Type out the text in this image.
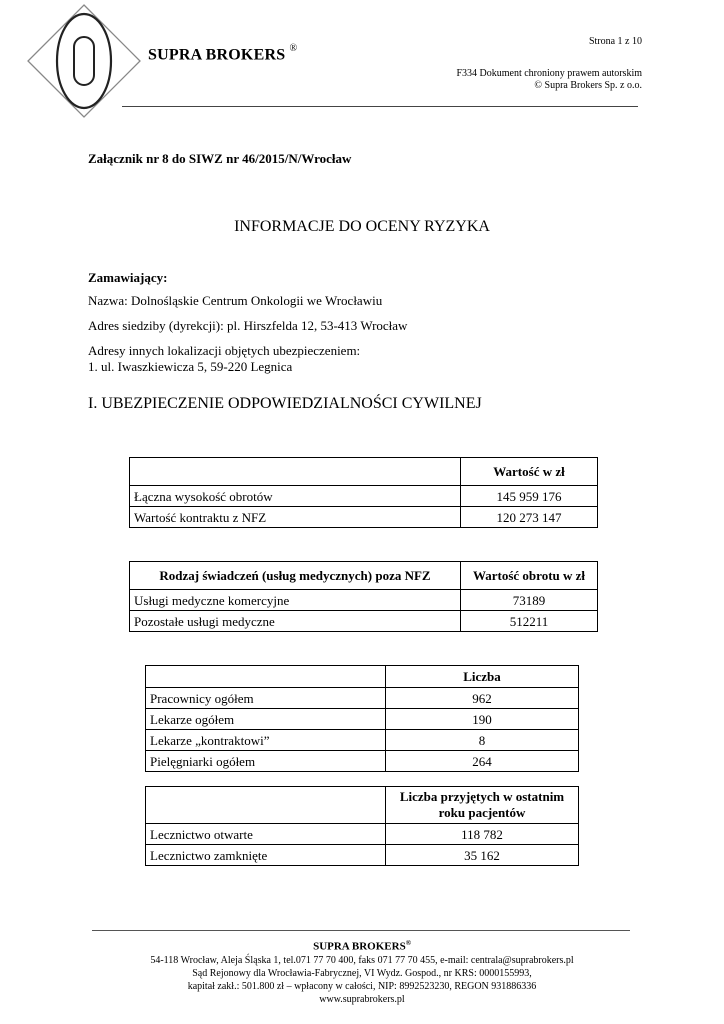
SUPRA BROKERS ®
Strona 1 z 10
F334 Dokument chroniony prawem autorskim
© Supra Brokers Sp. z o.o.
Załącznik nr 8 do SIWZ nr 46/2015/N/Wrocław
INFORMACJE DO OCENY RYZYKA
Zamawiający:
Nazwa: Dolnośląskie Centrum Onkologii we Wrocławiu
Adres siedziby (dyrekcji): pl. Hirszfelda 12, 53-413 Wrocław
Adresy innych lokalizacji objętych ubezpieczeniem:
1. ul. Iwaszkiewicza 5, 59-220 Legnica
I. UBEZPIECZENIE ODPOWIEDZIALNOŚCI CYWILNEJ
	Wartość w zł
Łączna wysokość obrotów	145 959 176
Wartość kontraktu z NFZ	120 273 147
Rodzaj świadczeń (usług medycznych) poza NFZ	Wartość obrotu w zł
Usługi medyczne komercyjne	73189
Pozostałe usługi medyczne	512211
	Liczba
Pracownicy ogółem	962
Lekarze ogółem	190
Lekarze „kontraktowi”	8
Pielęgniarki ogółem	264

	Liczba przyjętych w ostatnim
roku pacjentów

Lecznictwo otwarte	118 782
Lecznictwo zamknięte	35 162
SUPRA BROKERS®
54-118 Wrocław, Aleja Śląska 1, tel.071 77 70 400, faks 071 77 70 455, e-mail: centrala@suprabrokers.pl
Sąd Rejonowy dla Wrocławia-Fabrycznej, VI Wydz. Gospod., nr KRS: 0000155993,
kapitał zakł.: 501.800 zł – wpłacony w całości, NIP: 8992523230, REGON 931886336
www.suprabrokers.pl
